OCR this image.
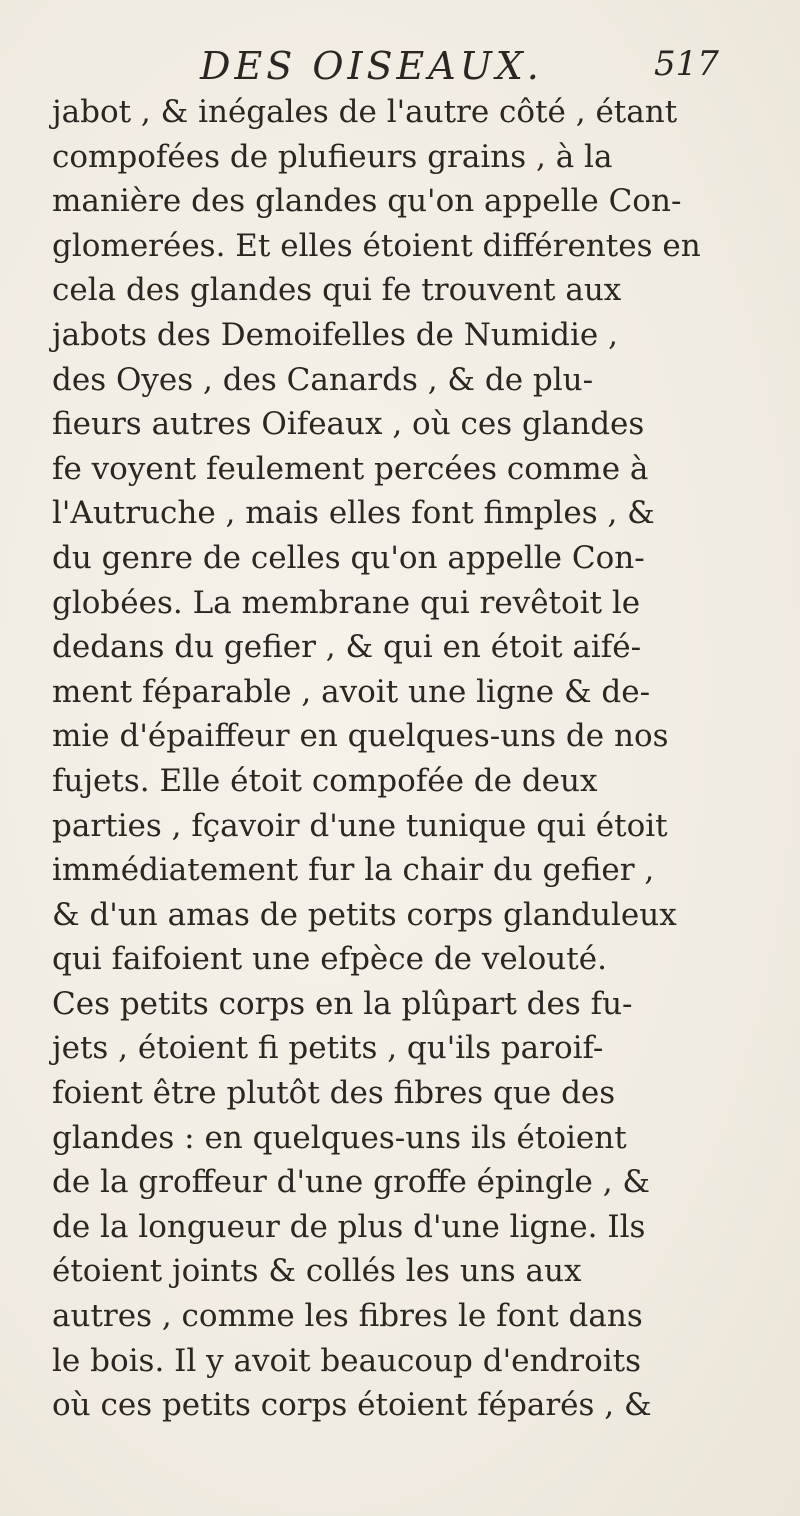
DES OISEAUX.	517
jabot , & inégales de l'autre côté , étant
compofées de plufieurs grains , à la
manière des glandes qu'on appelle Con-
glomerées. Et elles étoient différentes en
cela des glandes qui fe trouvent aux
jabots des Demoifelles de Numidie ,
des Oyes , des Canards , & de plu-
fieurs autres Oifeaux , où ces glandes
fe voyent feulement percées comme à
l'Autruche , mais elles font fimples , &
du genre de celles qu'on appelle Con-
globées. La membrane qui revêtoit le
dedans du gefier , & qui en étoit aifé-
ment féparable , avoit une ligne & de-
mie d'épaiffeur en quelques-uns de nos
fujets. Elle étoit compofée de deux
parties , fçavoir d'une tunique qui étoit
immédiatement fur la chair du gefier ,
& d'un amas de petits corps glanduleux
qui faifoient une efpèce de velouté.
Ces petits corps en la plûpart des fu-
jets , étoient fi petits , qu'ils paroif-
foient être plutôt des fibres que des
glandes : en quelques-uns ils étoient
de la groffeur d'une groffe épingle , &
de la longueur de plus d'une ligne. Ils
étoient joints & collés les uns aux
autres , comme les fibres le font dans
le bois. Il y avoit beaucoup d'endroits
où ces petits corps étoient féparés , &
